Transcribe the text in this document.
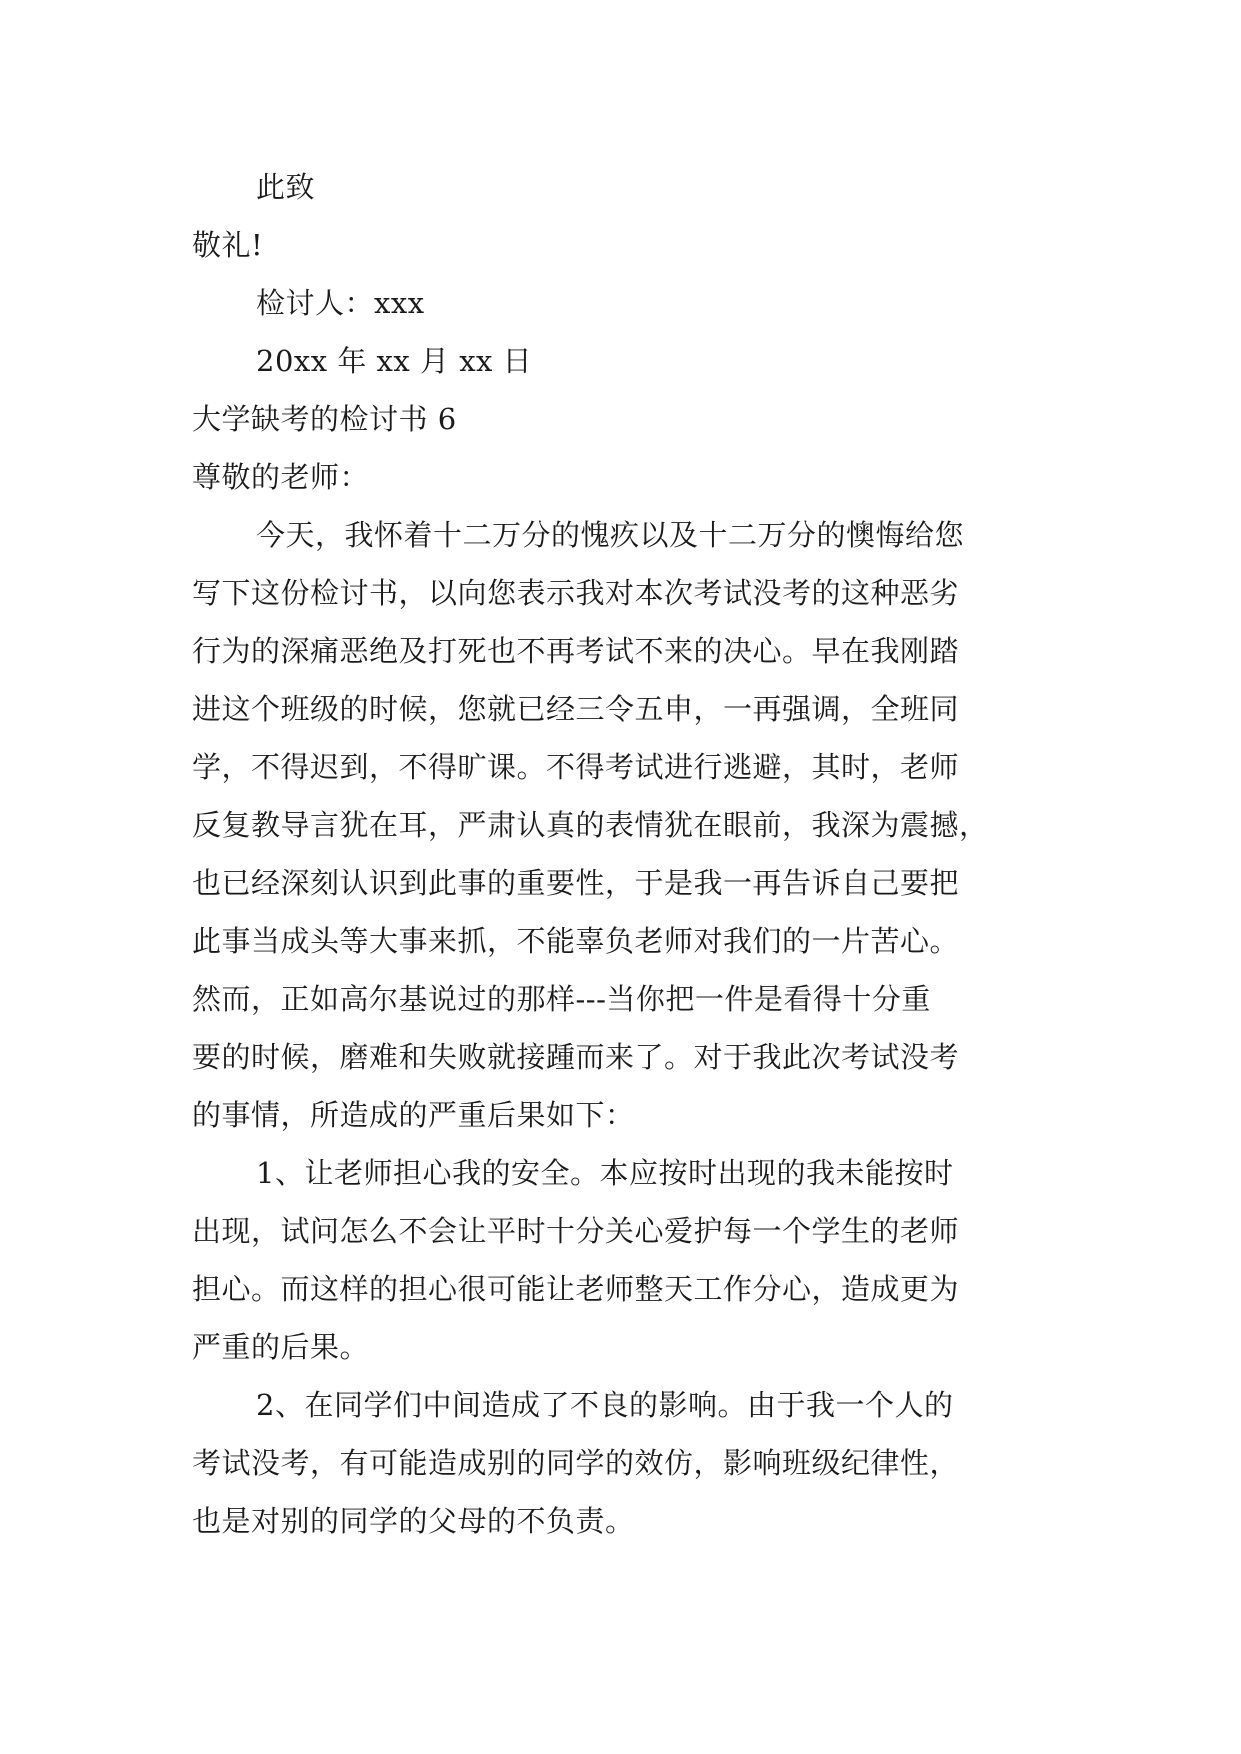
此致

敬礼!

检讨人：xxx

20xx 年 xx 月 xx 日

大学缺考的检讨书 6

尊敬的老师：

今天，我怀着十二万分的愧疚以及十二万分的懊悔给您

写下这份检讨书，以向您表示我对本次考试没考的这种恶劣

行为的深痛恶绝及打死也不再考试不来的决心。早在我刚踏

进这个班级的时候，您就已经三令五申，一再强调，全班同

学，不得迟到，不得旷课。不得考试进行逃避，其时，老师

反复教导言犹在耳，严肃认真的表情犹在眼前，我深为震撼，

也已经深刻认识到此事的重要性，于是我一再告诉自己要把

此事当成头等大事来抓，不能辜负老师对我们的一片苦心。

然而，正如高尔基说过的那样---当你把一件是看得十分重

要的时候，磨难和失败就接踵而来了。对于我此次考试没考

的事情，所造成的严重后果如下：

1、让老师担心我的安全。本应按时出现的我未能按时

出现，试问怎么不会让平时十分关心爱护每一个学生的老师

担心。而这样的担心很可能让老师整天工作分心，造成更为

严重的后果。

2、在同学们中间造成了不良的影响。由于我一个人的

考试没考，有可能造成别的同学的效仿，影响班级纪律性，

也是对别的同学的父母的不负责。
